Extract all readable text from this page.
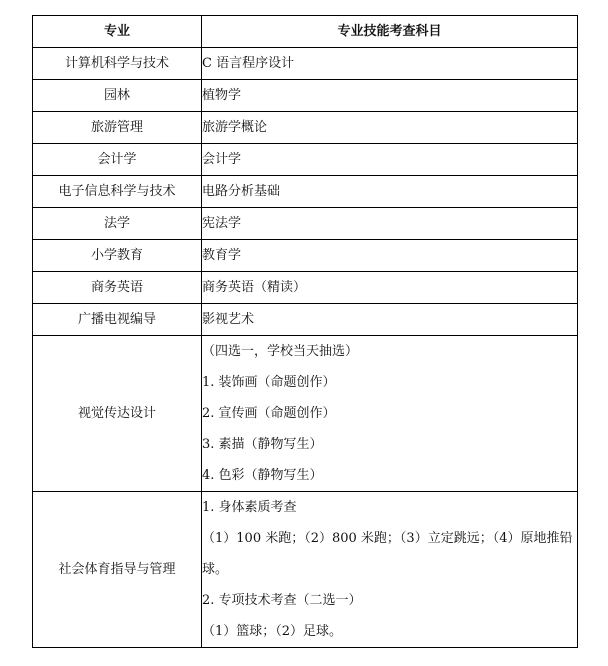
专业	专业技能考查科目
计算机科学与技术	C 语言程序设计
园林	植物学
旅游管理	旅游学概论
会计学	会计学
电子信息科学与技术	电路分析基础
法学	宪法学
小学教育	教育学
商务英语	商务英语（精读）
广播电视编导	影视艺术
视觉传达设计	（四选一，学校当天抽选）
1. 装饰画（命题创作）
2. 宣传画（命题创作）
3. 素描（静物写生）
4. 色彩（静物写生）

社会体育指导与管理	1. 身体素质考查
（1）100 米跑；（2）800 米跑；（3）立定跳远；（4）原地推铅球。
2. 专项技术考查（二选一）
（1）篮球；（2）足球。
